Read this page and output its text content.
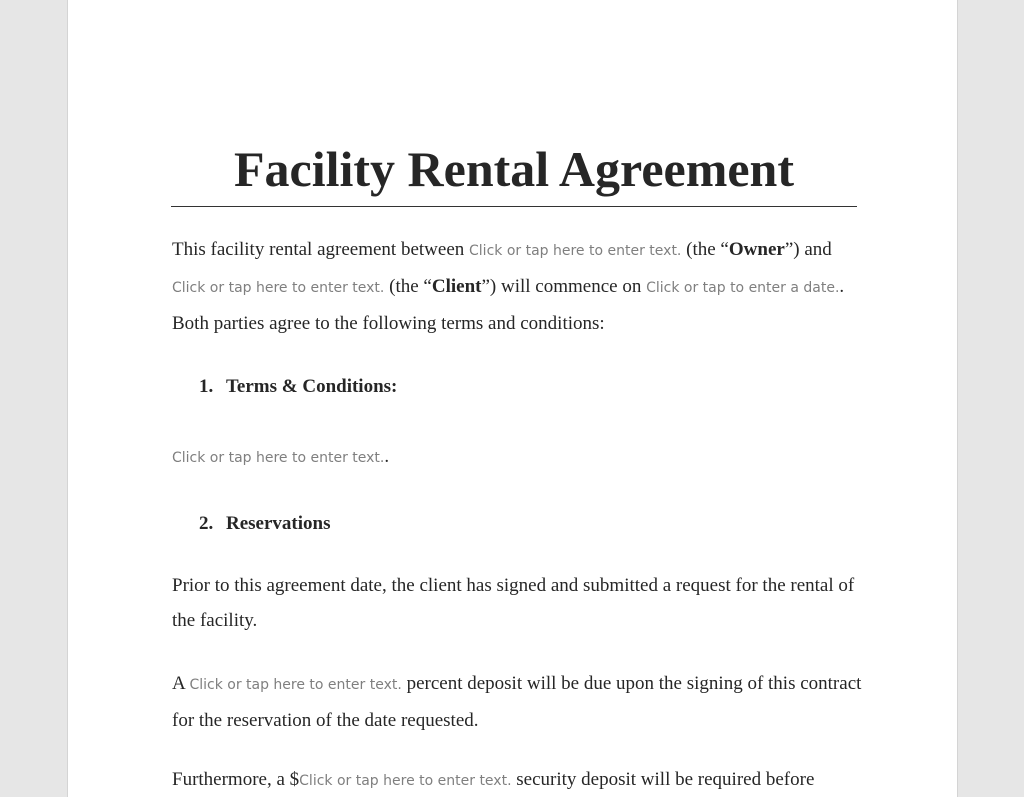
Facility Rental Agreement

This facility rental agreement between Click or tap here to enter text. (the “Owner”) and Click or tap here to enter text. (the “Client”) will commence on Click or tap to enter a date.. Both parties agree to the following terms and conditions:

1. Terms & Conditions:

Click or tap here to enter text..

2. Reservations

Prior to this agreement date, the client has signed and submitted a request for the rental of the facility.

A Click or tap here to enter text. percent deposit will be due upon the signing of this contract for the reservation of the date requested.

Furthermore, a $Click or tap here to enter text. security deposit will be required before
